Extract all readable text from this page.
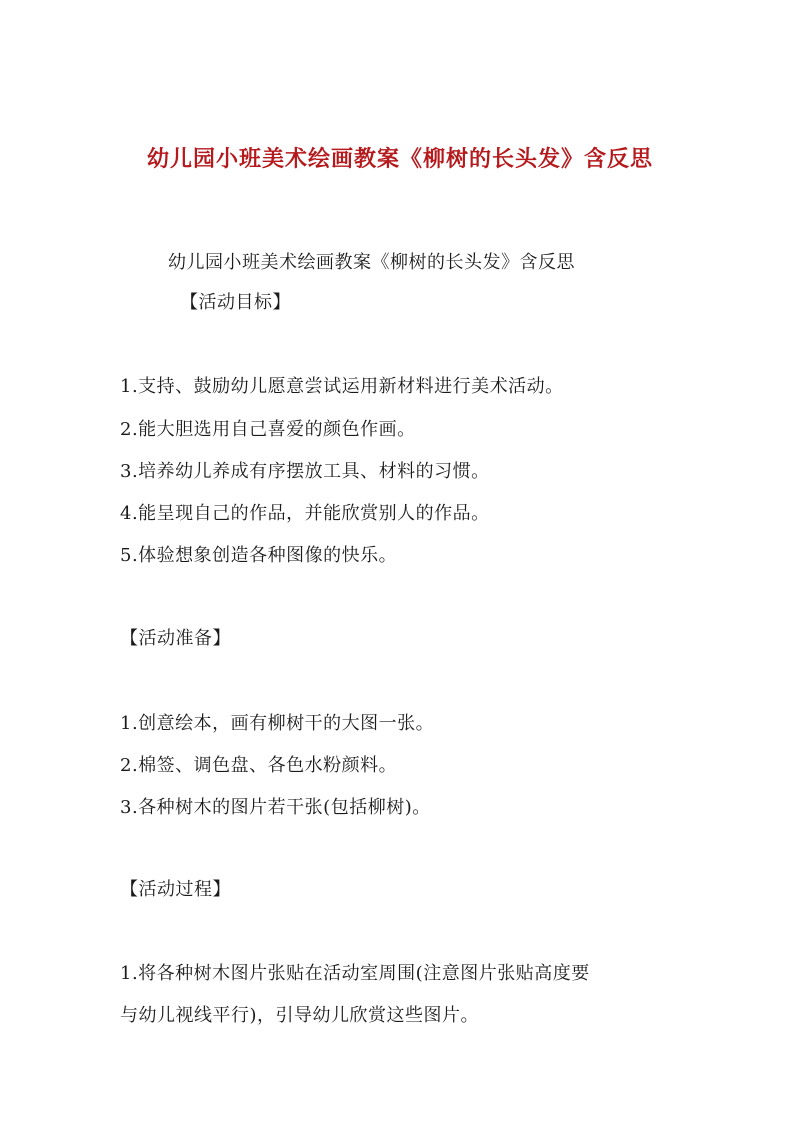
幼儿园小班美术绘画教案《柳树的长头发》含反思
幼儿园小班美术绘画教案《柳树的长头发》含反思
【活动目标】
1.支持、鼓励幼儿愿意尝试运用新材料进行美术活动。
2.能大胆选用自己喜爱的颜色作画。
3.培养幼儿养成有序摆放工具、材料的习惯。
4.能呈现自己的作品，并能欣赏别人的作品。
5.体验想象创造各种图像的快乐。
【活动准备】
1.创意绘本，画有柳树干的大图一张。
2.棉签、调色盘、各色水粉颜料。
3.各种树木的图片若干张(包括柳树)。
【活动过程】
1.将各种树木图片张贴在活动室周围(注意图片张贴高度要
与幼儿视线平行)，引导幼儿欣赏这些图片。
